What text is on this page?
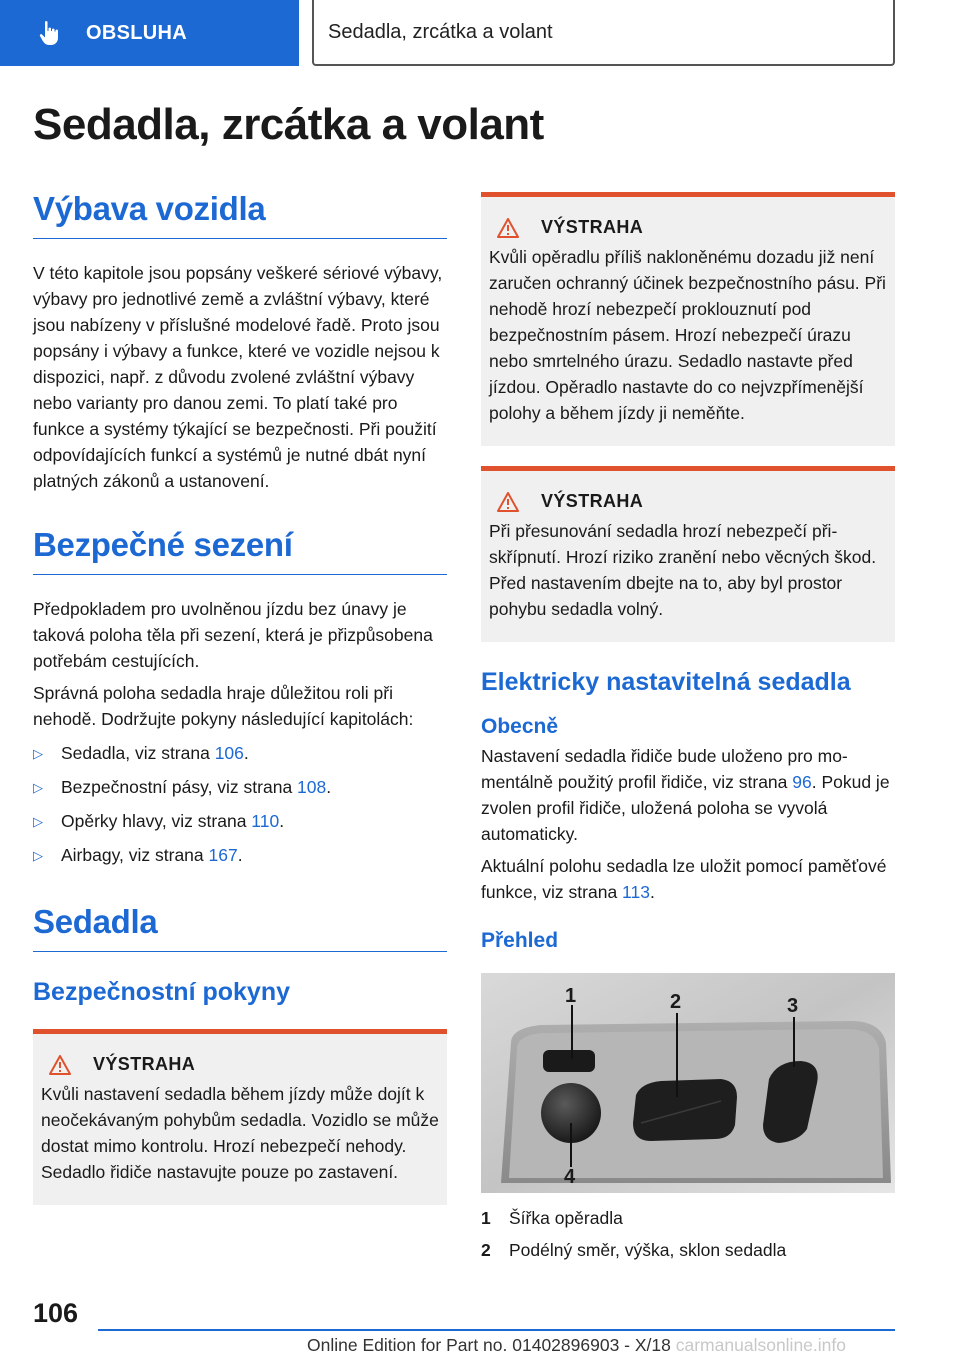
OBSLUHA	Sedadla, zrcátka a volant
Sedadla, zrcátka a volant
Výbava vozidla

V této kapitole jsou popsány veškeré sériové výbavy, výbavy pro jednotlivé země a zvláštní výbavy, které jsou nabízeny v příslušné modelové řadě. Proto jsou popsány i výbavy a funkce, které ve vozidle nejsou k dispozici, např. z důvodu zvolené zvláštní výbavy nebo varianty pro danou zemi. To platí také pro funkce a systémy týkající se bezpečnosti. Při použití odpovídajících funkcí a systémů je nutné dbát nyní platných zákonů a ustanovení.

Bezpečné sezení

Předpokladem pro uvolněnou jízdu bez únavy je taková poloha těla při sezení, která je přizpůsobena potřebám cestujících.

Správná poloha sedadla hraje důležitou roli při nehodě. Dodržujte pokyny následující kapitolách:

▷	Sedadla, viz strana 106.
▷	Bezpečnostní pásy, viz strana 108.
▷	Opěrky hlavy, viz strana 110.
▷	Airbagy, viz strana 167.
Sedadla
Bezpečnostní pokyny
VÝSTRAHA

Kvůli nastavení sedadla během jízdy může dojít k neočekávaným pohybům sedadla. Vozidlo se může dostat mimo kontrolu. Hrozí nebezpečí nehody. Sedadlo řidiče nastavujte pouze po zastavení.

VÝSTRAHA

Kvůli opěradlu příliš nakloněnému dozadu již není zaručen ochranný účinek bezpečnostního pásu. Při nehodě hrozí nebezpečí proklouznutí pod bezpečnostním pásem. Hrozí nebezpečí úrazu nebo smrtelného úrazu. Sedadlo nastavte před jízdou. Opěradlo nastavte do co nejvzpřímenější polohy a během jízdy ji neměňte.

VÝSTRAHA

Při přesunování sedadla hrozí nebezpečí přiskřípnutí. Hrozí riziko zranění nebo věcných škod. Před nastavením dbejte na to, aby byl prostor pohybu sedadla volný.

Elektricky nastavitelná sedadla
Obecně

Nastavení sedadla řidiče bude uloženo pro momentálně použitý profil řidiče, viz strana 96. Pokud je zvolen profil řidiče, uložená poloha se vyvolá automaticky.

Aktuální polohu sedadla lze uložit pomocí paměťové funkce, viz strana 113.

Přehled
1	2	3
4
1	Šířka opěradla
2	Podélný směr, výška, sklon sedadla
106
Online Edition for Part no. 01402896903 - X/18 carmanualsonline.info
